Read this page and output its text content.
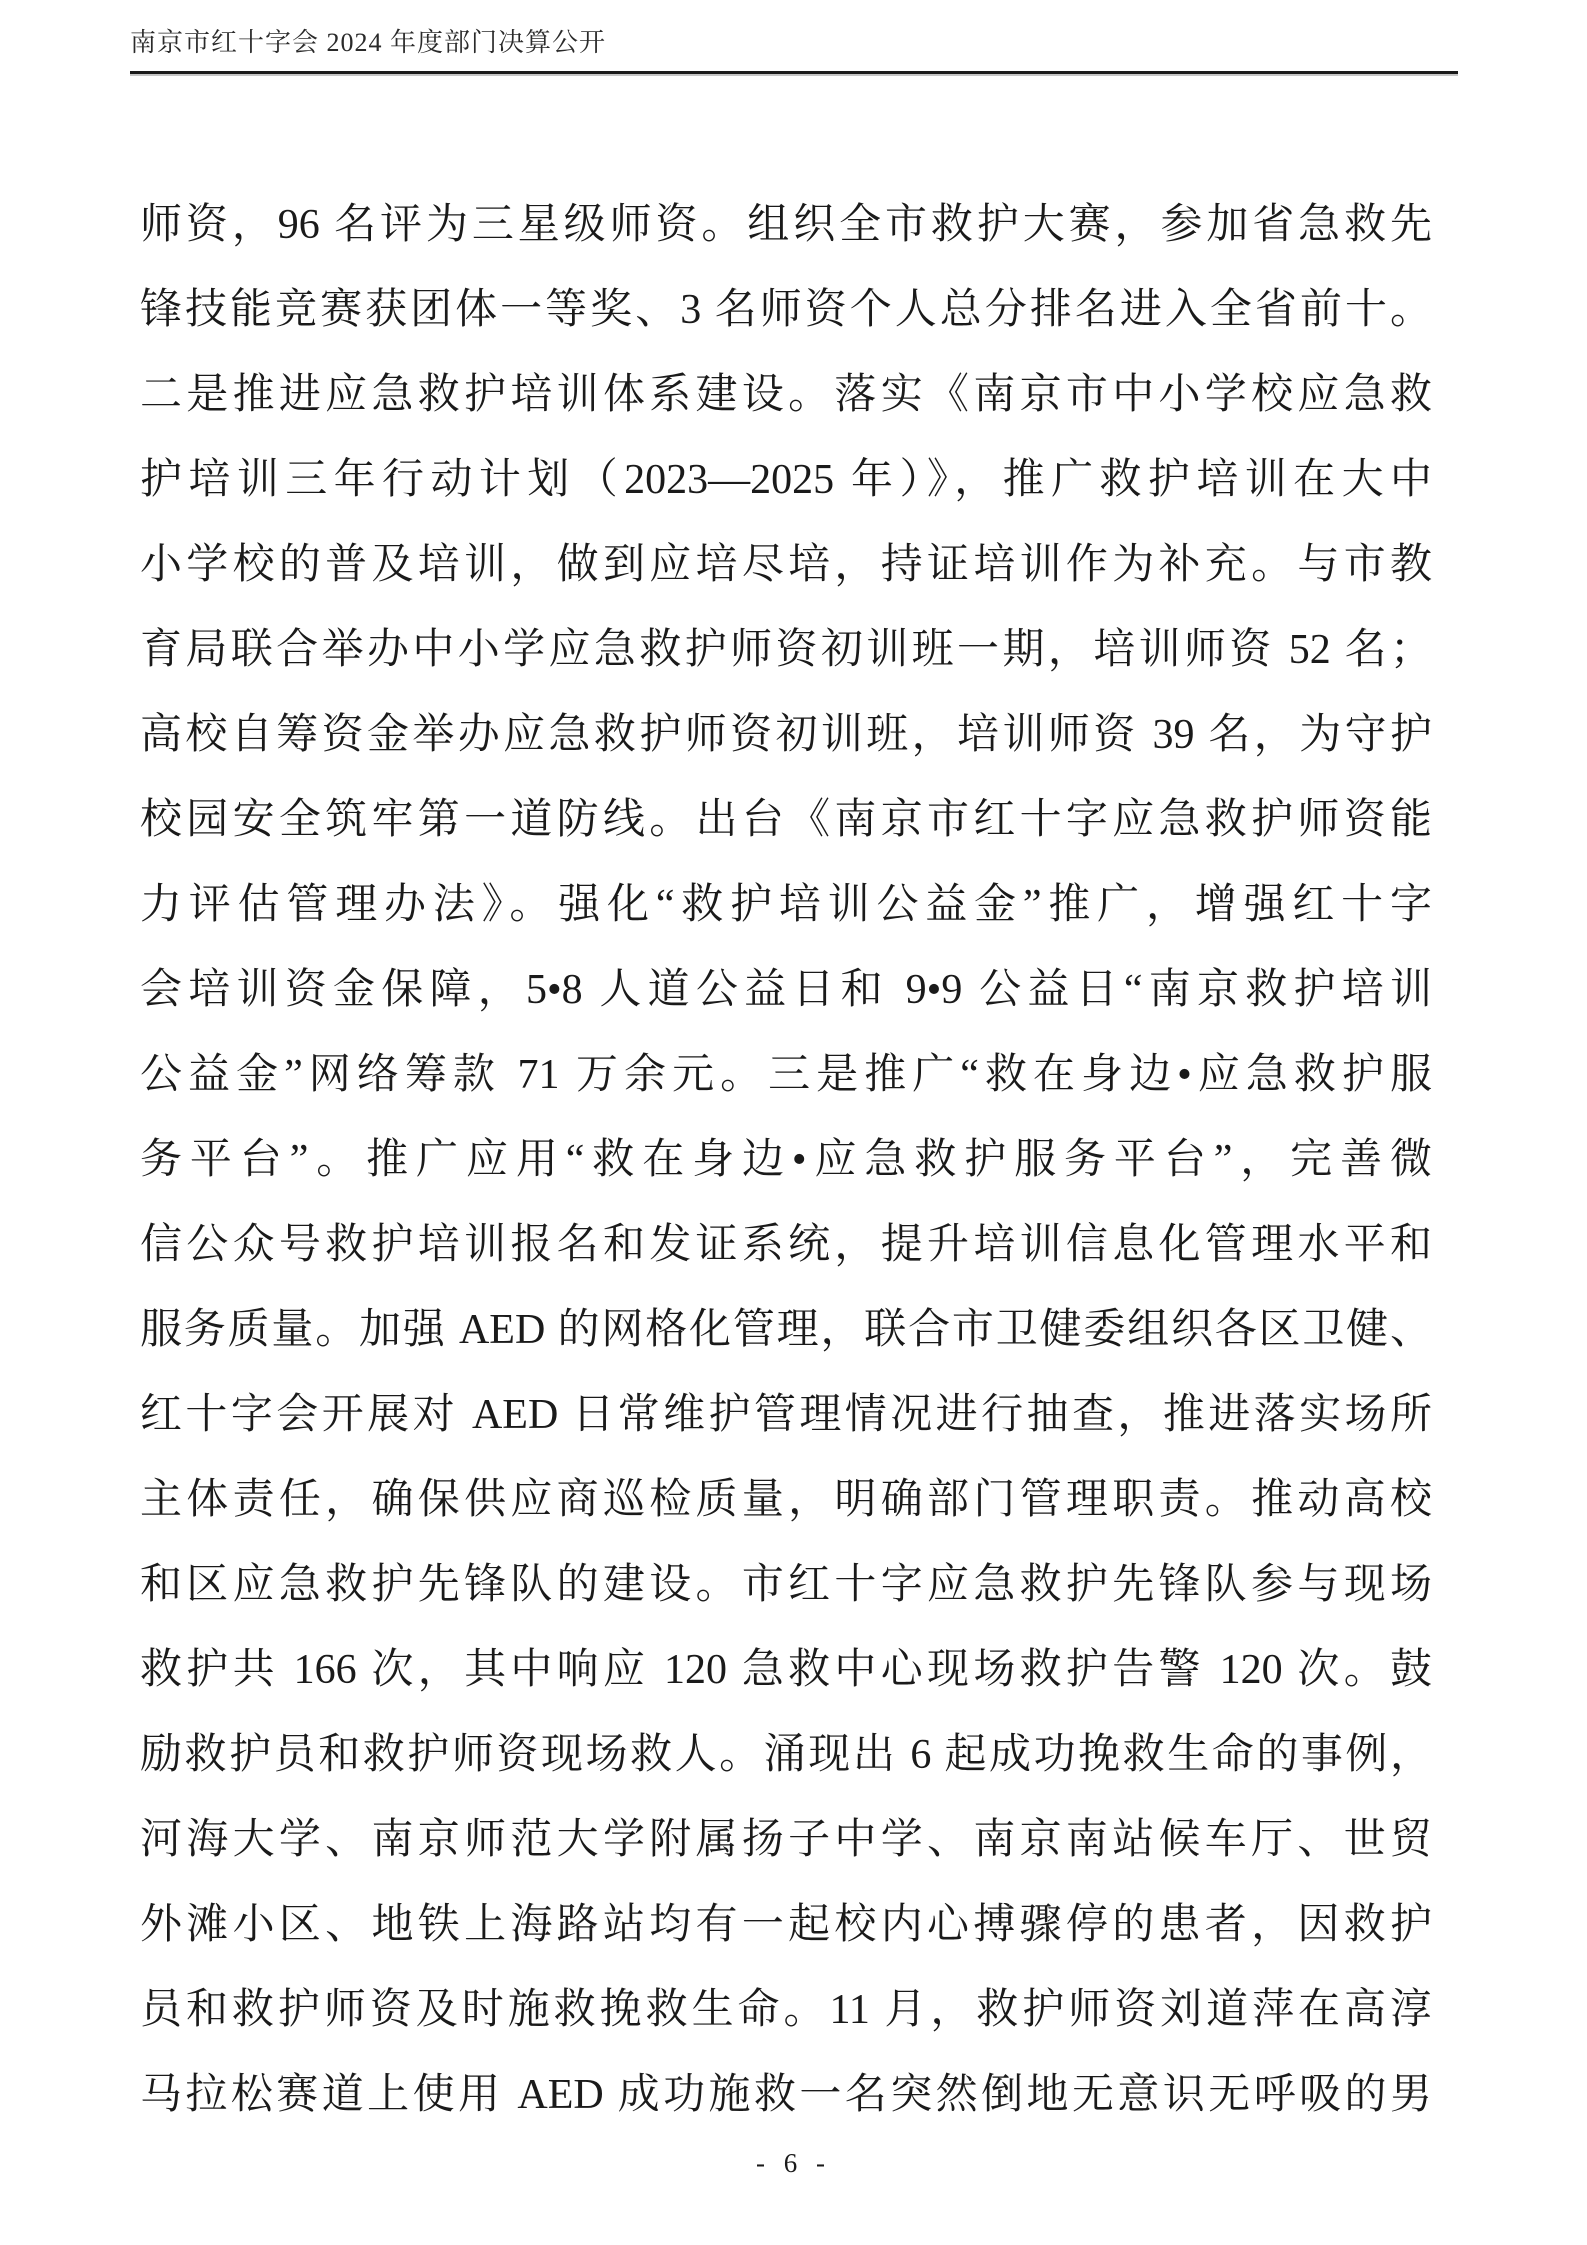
南京市红十字会 2024 年度部门决算公开
师资，96 名评为三星级师资。组织全市救护大赛，参加省急救先
锋技能竞赛获团体一等奖、3 名师资个人总分排名进入全省前十。
二是推进应急救护培训体系建设。落实《南京市中小学校应急救
护培训三年行动计划（2023—2025 年）》，推广救护培训在大中
小学校的普及培训，做到应培尽培，持证培训作为补充。与市教
育局联合举办中小学应急救护师资初训班一期，培训师资 52 名；
高校自筹资金举办应急救护师资初训班，培训师资 39 名，为守护
校园安全筑牢第一道防线。出台《南京市红十字应急救护师资能
力评估管理办法》。强化“救护培训公益金”推广，增强红十字
会培训资金保障，5•8 人道公益日和 9•9 公益日“南京救护培训
公益金”网络筹款 71 万余元。三是推广“救在身边•应急救护服
务平台”。推广应用“救在身边•应急救护服务平台”，完善微
信公众号救护培训报名和发证系统，提升培训信息化管理水平和
服务质量。加强 AED 的网格化管理，联合市卫健委组织各区卫健、
红十字会开展对 AED 日常维护管理情况进行抽查，推进落实场所
主体责任，确保供应商巡检质量，明确部门管理职责。推动高校
和区应急救护先锋队的建设。市红十字应急救护先锋队参与现场
救护共 166 次，其中响应 120 急救中心现场救护告警 120 次。鼓
励救护员和救护师资现场救人。涌现出 6 起成功挽救生命的事例，
河海大学、南京师范大学附属扬子中学、南京南站候车厅、世贸
外滩小区、地铁上海路站均有一起校内心搏骤停的患者，因救护
员和救护师资及时施救挽救生命。11 月，救护师资刘道萍在高淳
马拉松赛道上使用 AED 成功施救一名突然倒地无意识无呼吸的男
- 6 -
